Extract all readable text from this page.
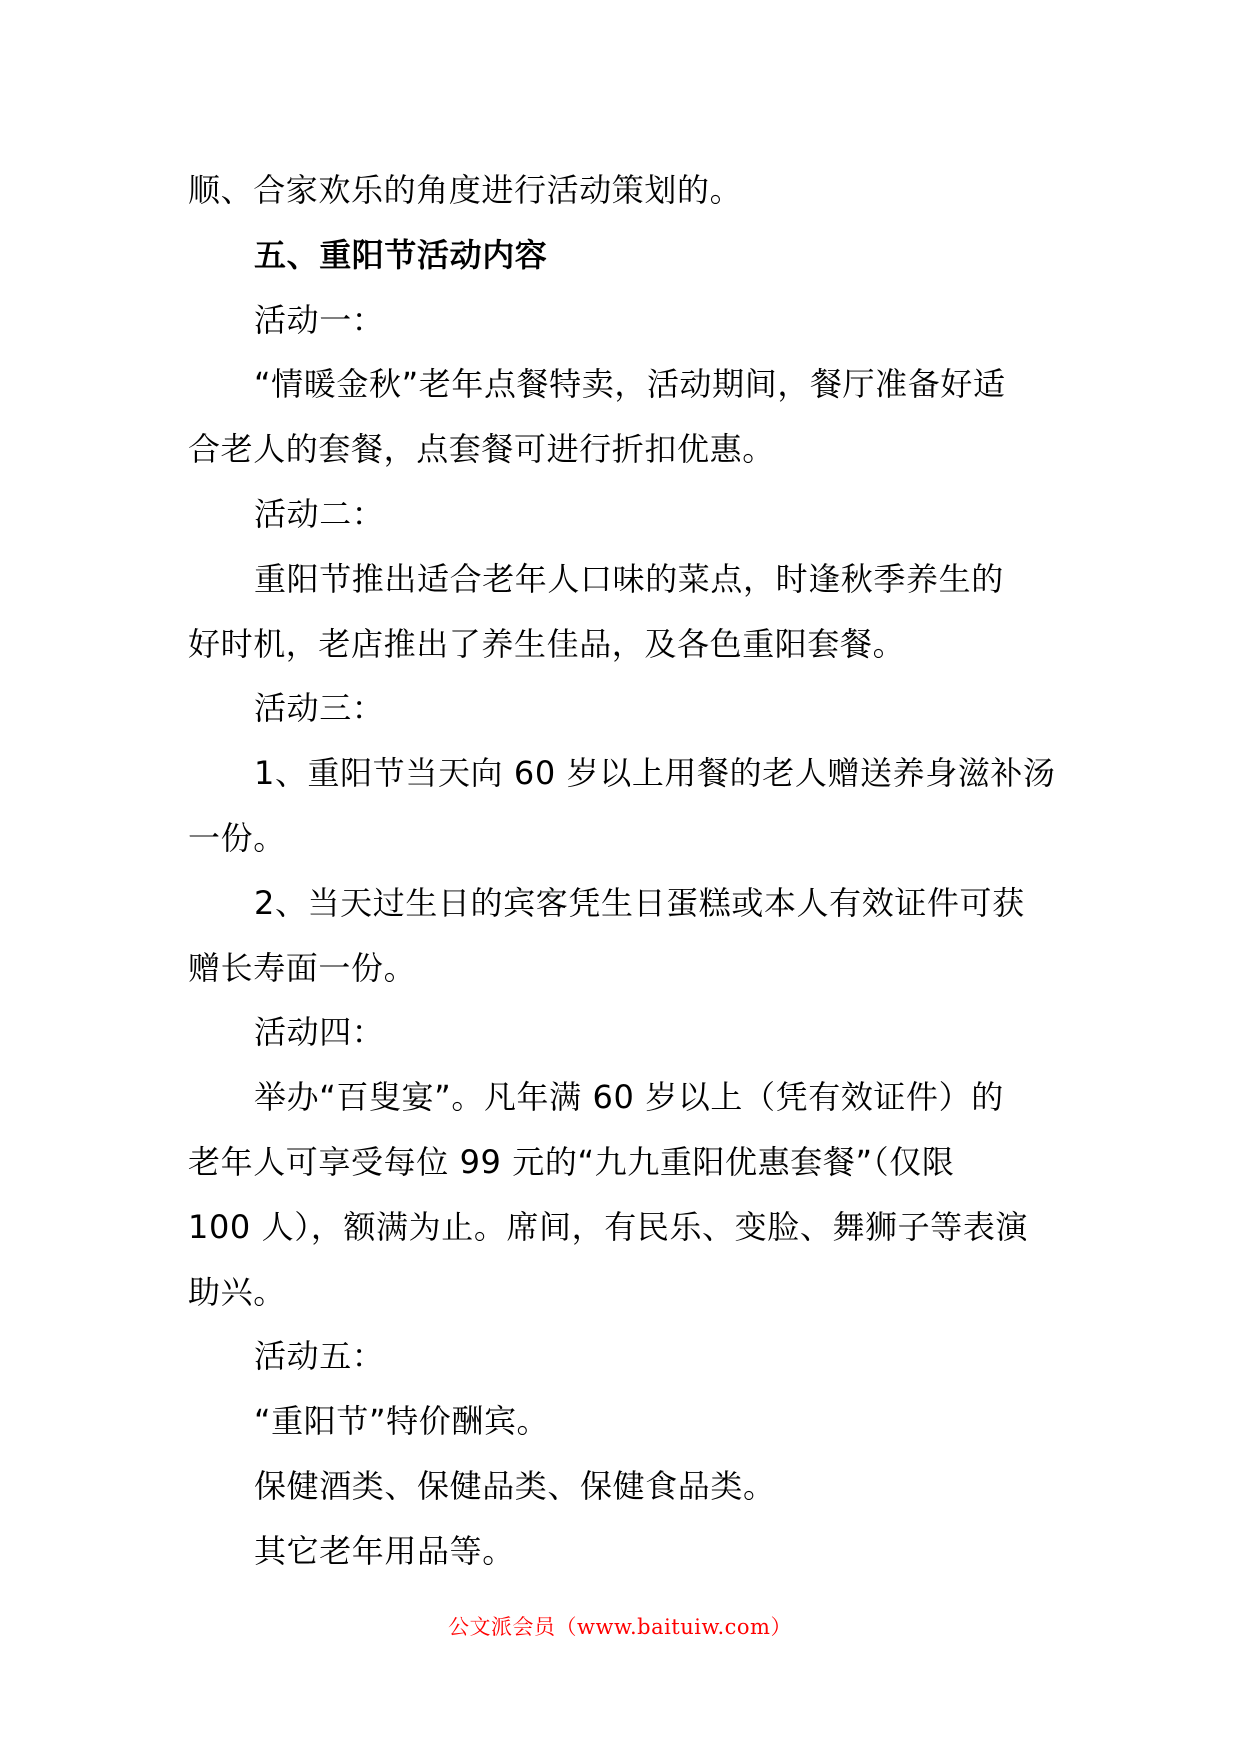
顺、合家欢乐的角度进行活动策划的。
五、重阳节活动内容
活动一：
“情暖金秋”老年点餐特卖，活动期间，餐厅准备好适
合老人的套餐，点套餐可进行折扣优惠。
活动二：
重阳节推出适合老年人口味的菜点，时逢秋季养生的
好时机，老店推出了养生佳品，及各色重阳套餐。
活动三：
1、重阳节当天向 60 岁以上用餐的老人赠送养身滋补汤
一份。
2、当天过生日的宾客凭生日蛋糕或本人有效证件可获
赠长寿面一份。
活动四：
举办“百叟宴”。凡年满 60 岁以上（凭有效证件）的
老年人可享受每位 99 元的“九九重阳优惠套餐”（仅限
100 人），额满为止。席间，有民乐、变脸、舞狮子等表演
助兴。
活动五：
“重阳节”特价酬宾。
保健酒类、保健品类、保健食品类。
其它老年用品等。
公文派会员（www.baituiw.com）
